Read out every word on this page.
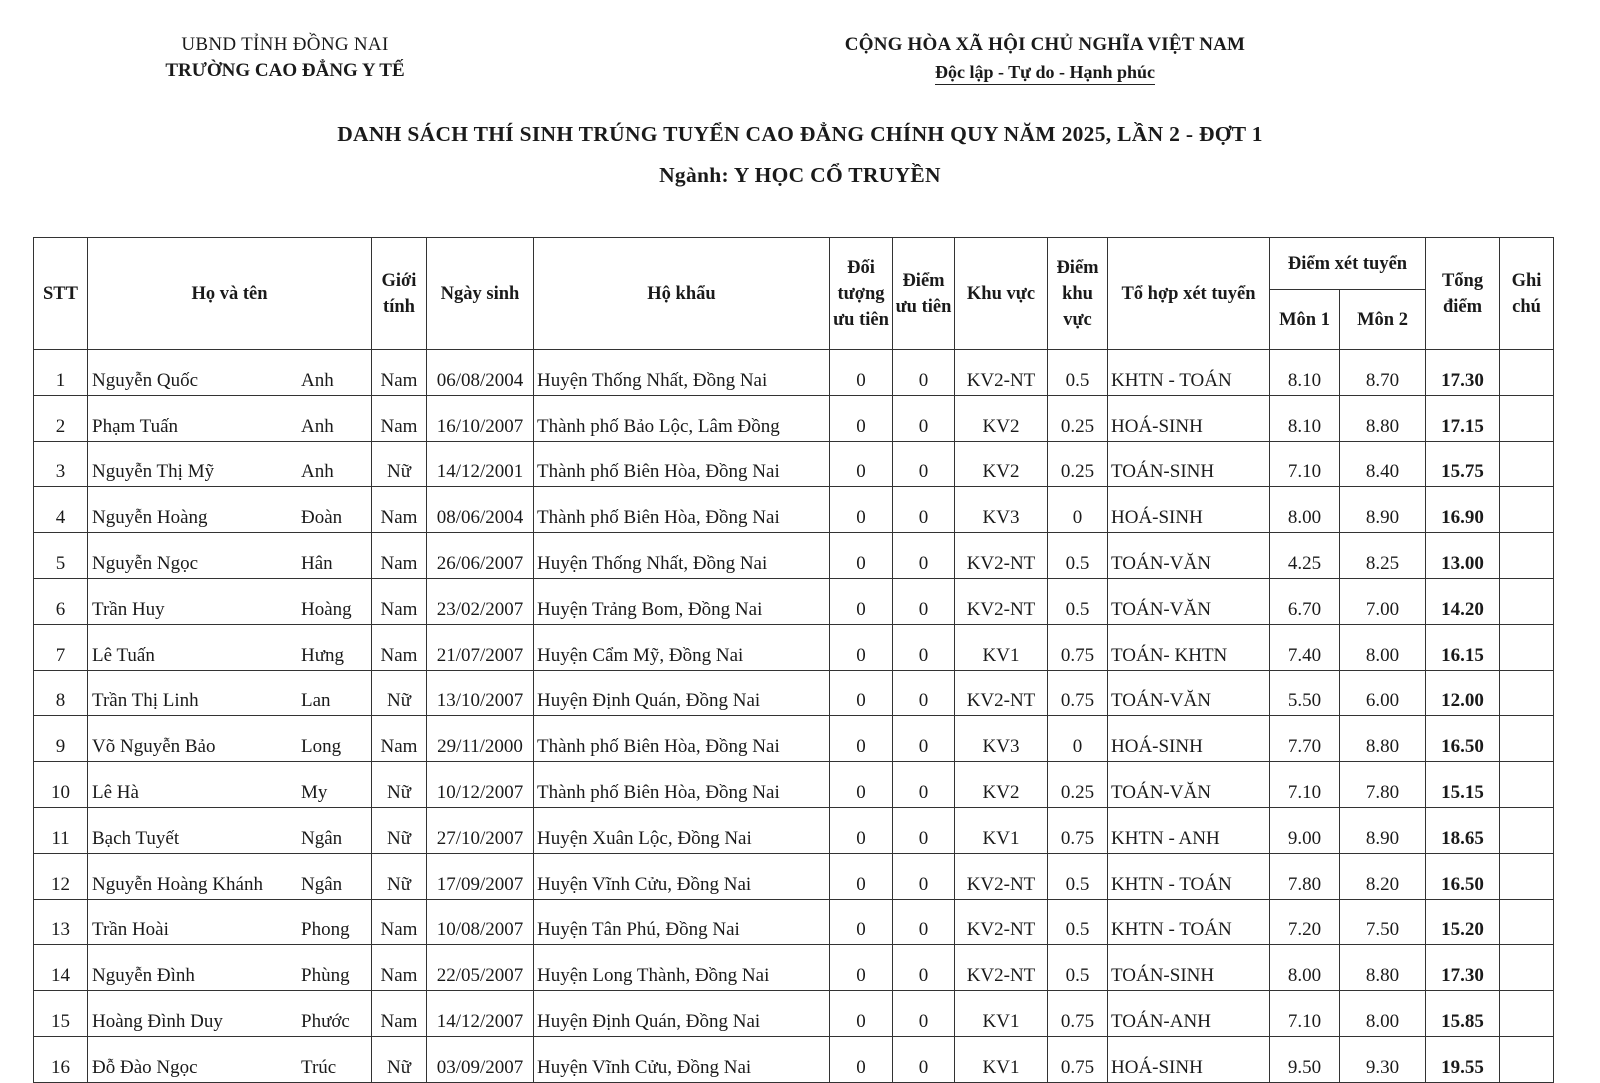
UBND TỈNH ĐỒNG NAI
TRƯỜNG CAO ĐẲNG Y TẾ
CỘNG HÒA XÃ HỘI CHỦ NGHĨA VIỆT NAM
Độc lập - Tự do - Hạnh phúc
DANH SÁCH THÍ SINH TRÚNG TUYỂN CAO ĐẲNG CHÍNH QUY NĂM 2025, LẦN 2 - ĐỢT 1
Ngành: Y HỌC CỔ TRUYỀN
STT	Họ và tên	Giới tính	Ngày sinh	Hộ khẩu	Đối tượng ưu tiên	Điểm ưu tiên	Khu vực	Điểm khu vực	Tổ hợp xét tuyển	Điểm xét tuyển		Tổng điểm	Ghi chú
										Môn 1	Môn 2		
1	Nguyễn Quốc Anh	Nam	06/08/2004	Huyện Thống Nhất, Đồng Nai	0	0	KV2-NT	0.5	KHTN - TOÁN	8.10	8.70	17.30	
2	Phạm Tuấn Anh	Nam	16/10/2007	Thành phố Bảo Lộc, Lâm Đồng	0	0	KV2	0.25	HOÁ-SINH	8.10	8.80	17.15	
3	Nguyễn Thị Mỹ Anh	Nữ	14/12/2001	Thành phố Biên Hòa, Đồng Nai	0	0	KV2	0.25	TOÁN-SINH	7.10	8.40	15.75	
4	Nguyễn Hoàng Đoàn	Nam	08/06/2004	Thành phố Biên Hòa, Đồng Nai	0	0	KV3	0	HOÁ-SINH	8.00	8.90	16.90	
5	Nguyễn Ngọc Hân	Nam	26/06/2007	Huyện Thống Nhất, Đồng Nai	0	0	KV2-NT	0.5	TOÁN-VĂN	4.25	8.25	13.00	
6	Trần Huy Hoàng	Nam	23/02/2007	Huyện Trảng Bom, Đồng Nai	0	0	KV2-NT	0.5	TOÁN-VĂN	6.70	7.00	14.20	
7	Lê Tuấn Hưng	Nam	21/07/2007	Huyện Cẩm Mỹ, Đồng Nai	0	0	KV1	0.75	TOÁN- KHTN	7.40	8.00	16.15	
8	Trần Thị Linh Lan	Nữ	13/10/2007	Huyện Định Quán, Đồng Nai	0	0	KV2-NT	0.75	TOÁN-VĂN	5.50	6.00	12.00	
9	Võ Nguyễn Bảo Long	Nam	29/11/2000	Thành phố Biên Hòa, Đồng Nai	0	0	KV3	0	HOÁ-SINH	7.70	8.80	16.50	
10	Lê Hà My	Nữ	10/12/2007	Thành phố Biên Hòa, Đồng Nai	0	0	KV2	0.25	TOÁN-VĂN	7.10	7.80	15.15	
11	Bạch Tuyết Ngân	Nữ	27/10/2007	Huyện Xuân Lộc, Đồng Nai	0	0	KV1	0.75	KHTN - ANH	9.00	8.90	18.65	
12	Nguyễn Hoàng Khánh Ngân	Nữ	17/09/2007	Huyện Vĩnh Cửu, Đồng Nai	0	0	KV2-NT	0.5	KHTN - TOÁN	7.80	8.20	16.50	
13	Trần Hoài Phong	Nam	10/08/2007	Huyện Tân Phú, Đồng Nai	0	0	KV2-NT	0.5	KHTN - TOÁN	7.20	7.50	15.20	
14	Nguyễn Đình Phùng	Nam	22/05/2007	Huyện Long Thành, Đồng Nai	0	0	KV2-NT	0.5	TOÁN-SINH	8.00	8.80	17.30	
15	Hoàng Đình Duy Phước	Nam	14/12/2007	Huyện Định Quán, Đồng Nai	0	0	KV1	0.75	TOÁN-ANH	7.10	8.00	15.85	
16	Đỗ Đào Ngọc Trúc	Nữ	03/09/2007	Huyện Vĩnh Cửu, Đồng Nai	0	0	KV1	0.75	HOÁ-SINH	9.50	9.30	19.55	
